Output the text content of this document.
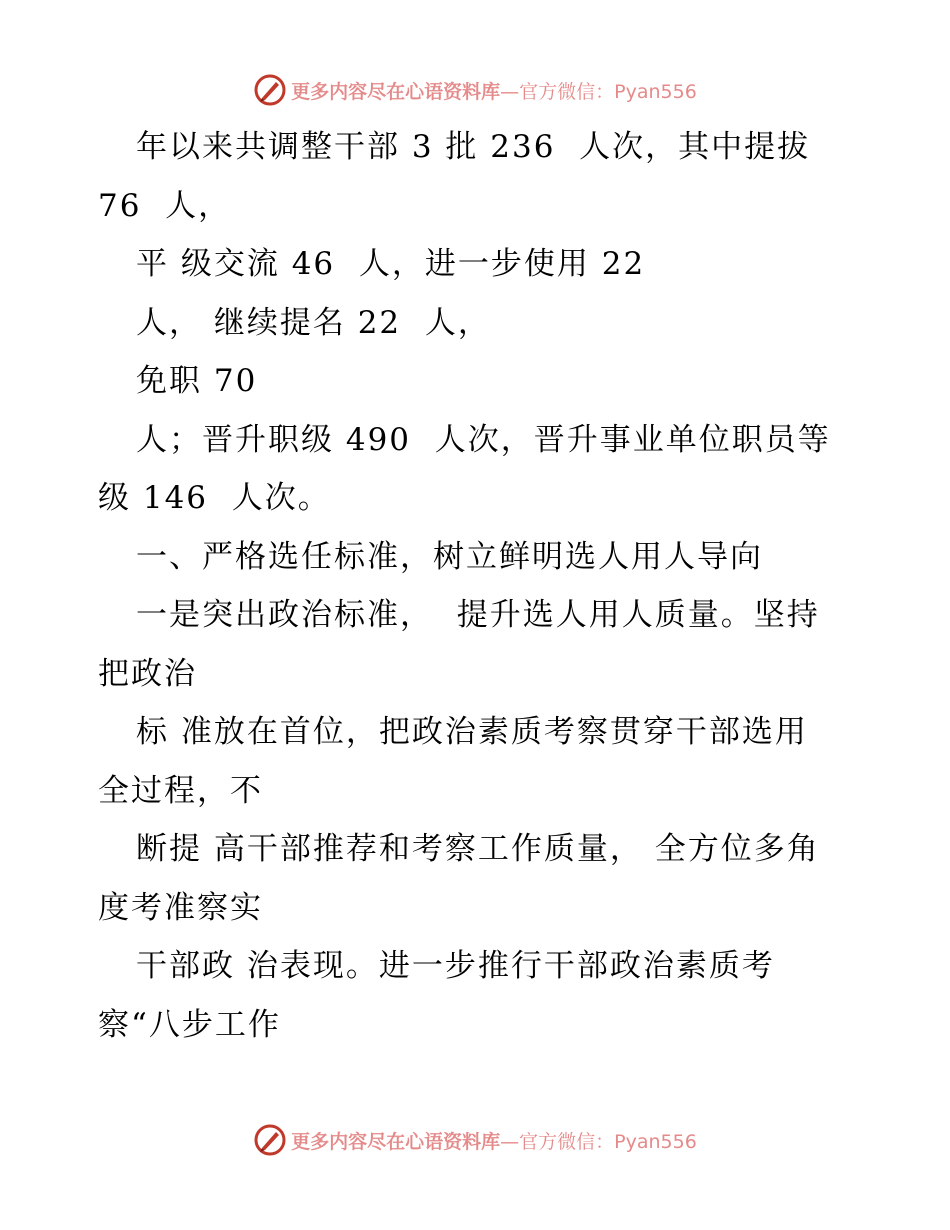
更多内容尽在心语资料库—官方微信：Pyan556
年以来共调整干部 3 批 236  人次，其中提拔
76  人，
平 级交流 46  人，进一步使用 22
人， 继续提名 22  人，
免职 70
人；晋升职级 490  人次，晋升事业单位职员等
级 146  人次。
一、严格选任标准，树立鲜明选人用人导向
一是突出政治标准，  提升选人用人质量。坚持
把政治
标 准放在首位，把政治素质考察贯穿干部选用
全过程，不
断提 高干部推荐和考察工作质量， 全方位多角
度考准察实
干部政 治表现。进一步推行干部政治素质考
察“八步工作
更多内容尽在心语资料库—官方微信：Pyan556
